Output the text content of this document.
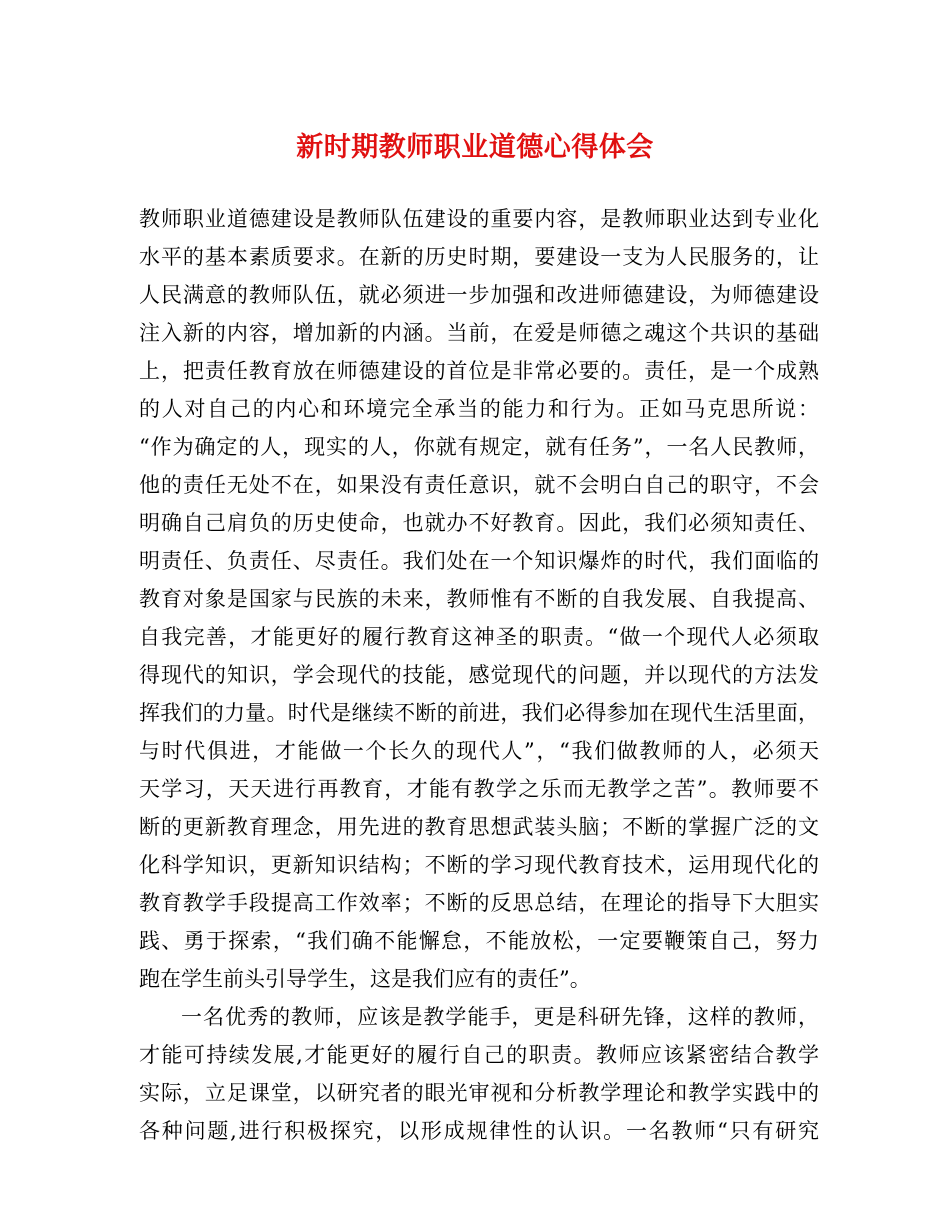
新时期教师职业道德心得体会
教师职业道德建设是教师队伍建设的重要内容，是教师职业达到专业化
水平的基本素质要求。在新的历史时期，要建设一支为人民服务的，让
人民满意的教师队伍，就必须进一步加强和改进师德建设，为师德建设
注入新的内容，增加新的内涵。当前，在爱是师德之魂这个共识的基础
上，把责任教育放在师德建设的首位是非常必要的。责任，是一个成熟
的人对自己的内心和环境完全承当的能力和行为。正如马克思所说：
“作为确定的人，现实的人，你就有规定，就有任务”，一名人民教师，
他的责任无处不在，如果没有责任意识，就不会明白自己的职守，不会
明确自己肩负的历史使命，也就办不好教育。因此，我们必须知责任、
明责任、负责任、尽责任。我们处在一个知识爆炸的时代，我们面临的
教育对象是国家与民族的未来，教师惟有不断的自我发展、自我提高、
自我完善，才能更好的履行教育这神圣的职责。“做一个现代人必须取
得现代的知识，学会现代的技能，感觉现代的问题，并以现代的方法发
挥我们的力量。时代是继续不断的前进，我们必得参加在现代生活里面，
与时代俱进，才能做一个长久的现代人”，“我们做教师的人，必须天
天学习，天天进行再教育，才能有教学之乐而无教学之苦”。教师要不
断的更新教育理念，用先进的教育思想武装头脑；不断的掌握广泛的文
化科学知识，更新知识结构；不断的学习现代教育技术，运用现代化的
教育教学手段提高工作效率；不断的反思总结，在理论的指导下大胆实
践、勇于探索，“我们确不能懈怠，不能放松，一定要鞭策自己，努力
跑在学生前头引导学生，这是我们应有的责任”。
一名优秀的教师，应该是教学能手，更是科研先锋，这样的教师，
才能可持续发展,才能更好的履行自己的职责。教师应该紧密结合教学
实际，立足课堂，以研究者的眼光审视和分析教学理论和教学实践中的
各种问题,进行积极探究，以形成规律性的认识。一名教师“只有研究
